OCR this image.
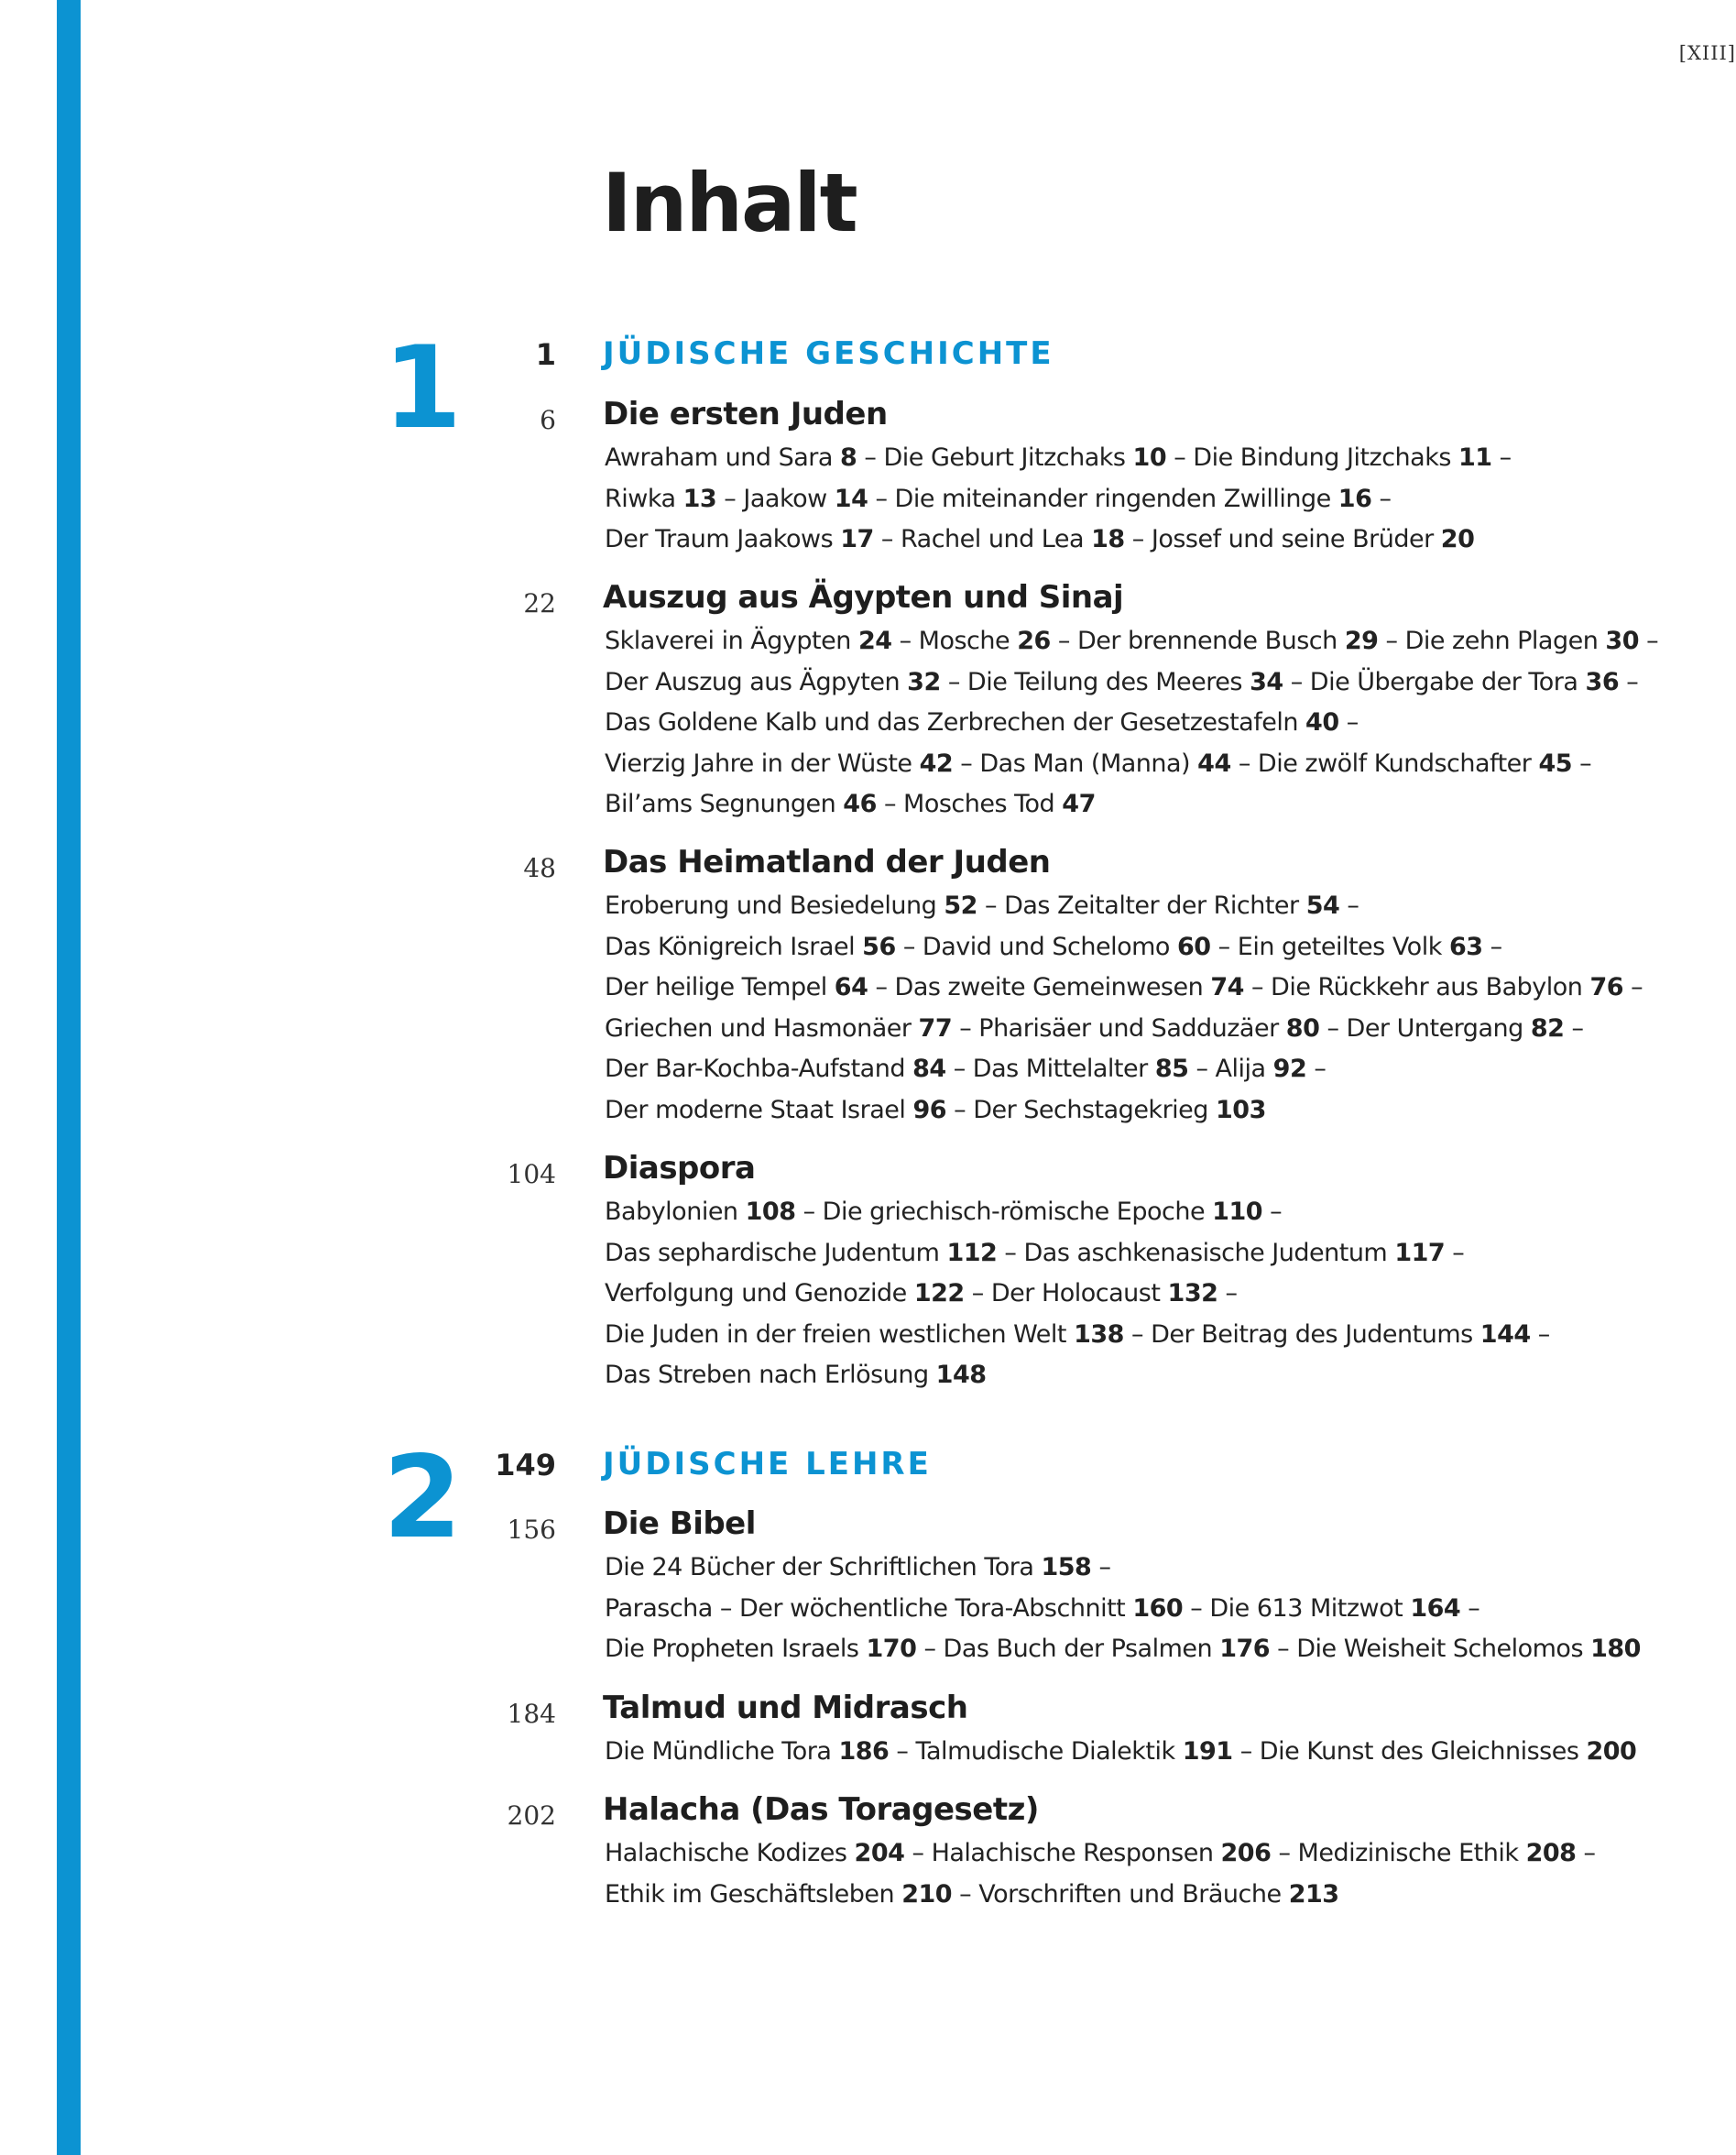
[XIII]
Inhalt
1	1 JÜDISCHE GESCHICHTE
6 Die ersten Juden
Awraham und Sara 8 – Die Geburt Jitzchaks 10 – Die Bindung Jitzchaks 11 –
Riwka 13 – Jaakow 14 – Die miteinander ringenden Zwillinge 16 –
Der Traum Jaakows 17 – Rachel und Lea 18 – Jossef und seine Brüder 20
22 Auszug aus Ägypten und Sinaj
Sklaverei in Ägypten 24 – Mosche 26 – Der brennende Busch 29 – Die zehn Plagen 30 –
Der Auszug aus Ägpyten 32 – Die Teilung des Meeres 34 – Die Übergabe der Tora 36 –
Das Goldene Kalb und das Zerbrechen der Gesetzestafeln 40 –
Vierzig Jahre in der Wüste 42 – Das Man (Manna) 44 – Die zwölf Kundschafter 45 –
Bil’ams Segnungen 46 – Mosches Tod 47
48 Das Heimatland der Juden
Eroberung und Besiedelung 52 – Das Zeitalter der Richter 54 –
Das Königreich Israel 56 – David und Schelomo 60 – Ein geteiltes Volk 63 –
Der heilige Tempel 64 – Das zweite Gemeinwesen 74 – Die Rückkehr aus Babylon 76 –
Griechen und Hasmonäer 77 – Pharisäer und Sadduzäer 80 – Der Untergang 82 –
Der Bar-Kochba-Aufstand 84 – Das Mittelalter 85 – Alija 92 –
Der moderne Staat Israel 96 – Der Sechstagekrieg 103
104 Diaspora
Babylonien 108 – Die griechisch-römische Epoche 110 –
Das sephardische Judentum 112 – Das aschkenasische Judentum 117 –
Verfolgung und Genozide 122 – Der Holocaust 132 –
Die Juden in der freien westlichen Welt 138 – Der Beitrag des Judentums 144 –
Das Streben nach Erlösung 148
2 149 JÜDISCHE LEHRE
156 Die Bibel
Die 24 Bücher der Schriftlichen Tora 158 –
Paraschа – Der wöchentliche Tora-Abschnitt 160 – Die 613 Mitzwot 164 –
Die Propheten Israels 170 – Das Buch der Psalmen 176 – Die Weisheit Schelomos 180
184 Talmud und Midrasch
Die Mündliche Tora 186 – Talmudische Dialektik 191 – Die Kunst des Gleichnisses 200
202 Halacha (Das Toragesetz)
Halachische Kodizes 204 – Halachische Responsen 206 – Medizinische Ethik 208 –
Ethik im Geschäftsleben 210 – Vorschriften und Bräuche 213
